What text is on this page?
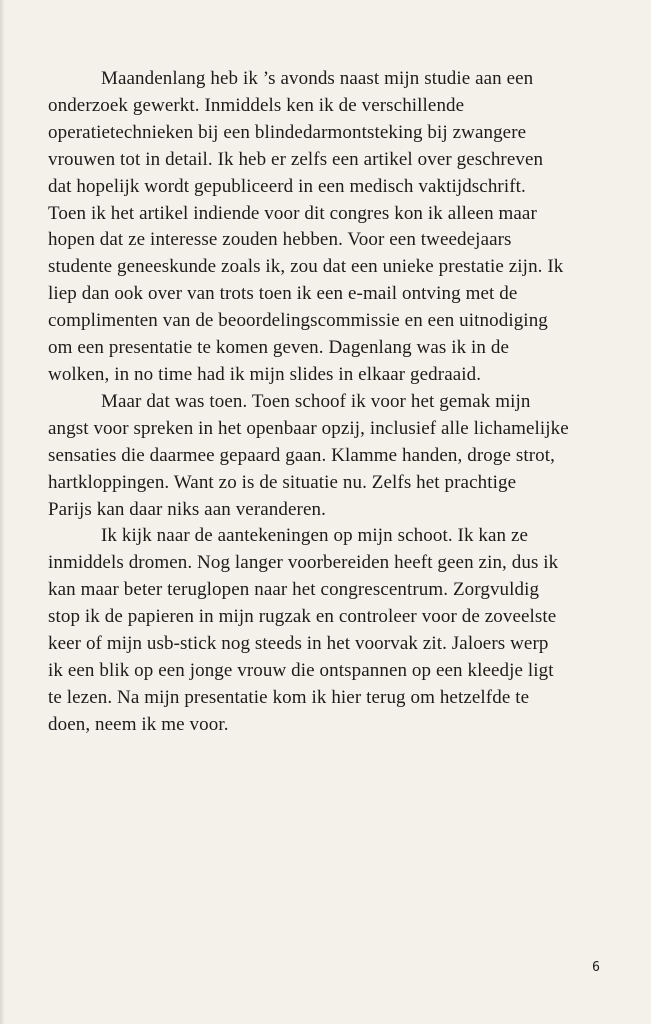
Maandenlang heb ik ’s avonds naast mijn studie aan een
onderzoek gewerkt. Inmiddels ken ik de verschillende
operatietechnieken bij een blindedarmontsteking bij zwangere
vrouwen tot in detail. Ik heb er zelfs een artikel over geschreven
dat hopelijk wordt gepubliceerd in een medisch vaktijdschrift.
Toen ik het artikel indiende voor dit congres kon ik alleen maar
hopen dat ze interesse zouden hebben. Voor een tweedejaars
studente geneeskunde zoals ik, zou dat een unieke prestatie zijn. Ik
liep dan ook over van trots toen ik een e-mail ontving met de
complimenten van de beoordelingscommissie en een uitnodiging
om een presentatie te komen geven. Dagenlang was ik in de
wolken, in no time had ik mijn slides in elkaar gedraaid.
Maar dat was toen. Toen schoof ik voor het gemak mijn
angst voor spreken in het openbaar opzij, inclusief alle lichamelijke
sensaties die daarmee gepaard gaan. Klamme handen, droge strot,
hartkloppingen. Want zo is de situatie nu. Zelfs het prachtige
Parijs kan daar niks aan veranderen.
Ik kijk naar de aantekeningen op mijn schoot. Ik kan ze
inmiddels dromen. Nog langer voorbereiden heeft geen zin, dus ik
kan maar beter teruglopen naar het congrescentrum. Zorgvuldig
stop ik de papieren in mijn rugzak en controleer voor de zoveelste
keer of mijn usb-stick nog steeds in het voorvak zit. Jaloers werp
ik een blik op een jonge vrouw die ontspannen op een kleedje ligt
te lezen. Na mijn presentatie kom ik hier terug om hetzelfde te
doen, neem ik me voor.
6
